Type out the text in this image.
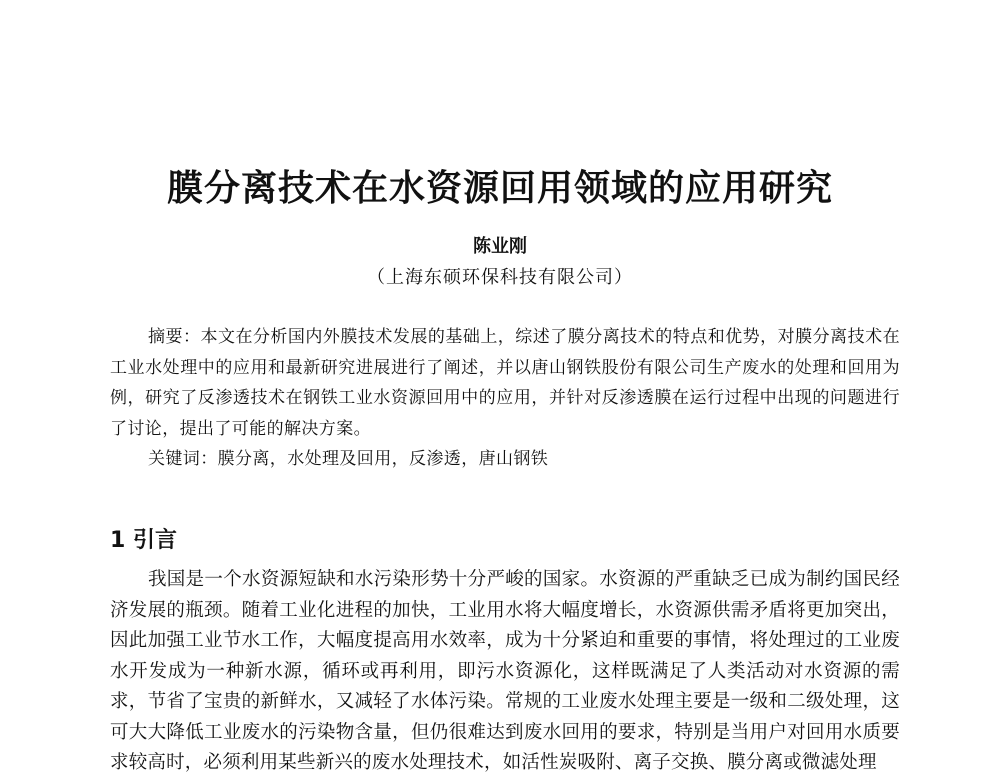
膜分离技术在水资源回用领域的应用研究
陈业刚
（上海东硕环保科技有限公司）

摘要：本文在分析国内外膜技术发展的基础上，综述了膜分离技术的特点和优势，对膜分离技术在工业水处理中的应用和最新研究进展进行了阐述，并以唐山钢铁股份有限公司生产废水的处理和回用为例，研究了反渗透技术在钢铁工业水资源回用中的应用，并针对反渗透膜在运行过程中出现的问题进行了讨论，提出了可能的解决方案。

关键词：膜分离，水处理及回用，反渗透，唐山钢铁

1 引言

我国是一个水资源短缺和水污染形势十分严峻的国家。水资源的严重缺乏已成为制约国民经济发展的瓶颈。随着工业化进程的加快，工业用水将大幅度增长，水资源供需矛盾将更加突出，因此加强工业节水工作，大幅度提高用水效率，成为十分紧迫和重要的事情，将处理过的工业废水开发成为一种新水源，循环或再利用，即污水资源化，这样既满足了人类活动对水资源的需求，节省了宝贵的新鲜水，又减轻了水体污染。常规的工业废水处理主要是一级和二级处理，这可大大降低工业废水的污染物含量，但仍很难达到废水回用的要求，特别是当用户对回用水质要求较高时，必须利用某些新兴的废水处理技术，如活性炭吸附、离子交换、膜分离或微滤处理
